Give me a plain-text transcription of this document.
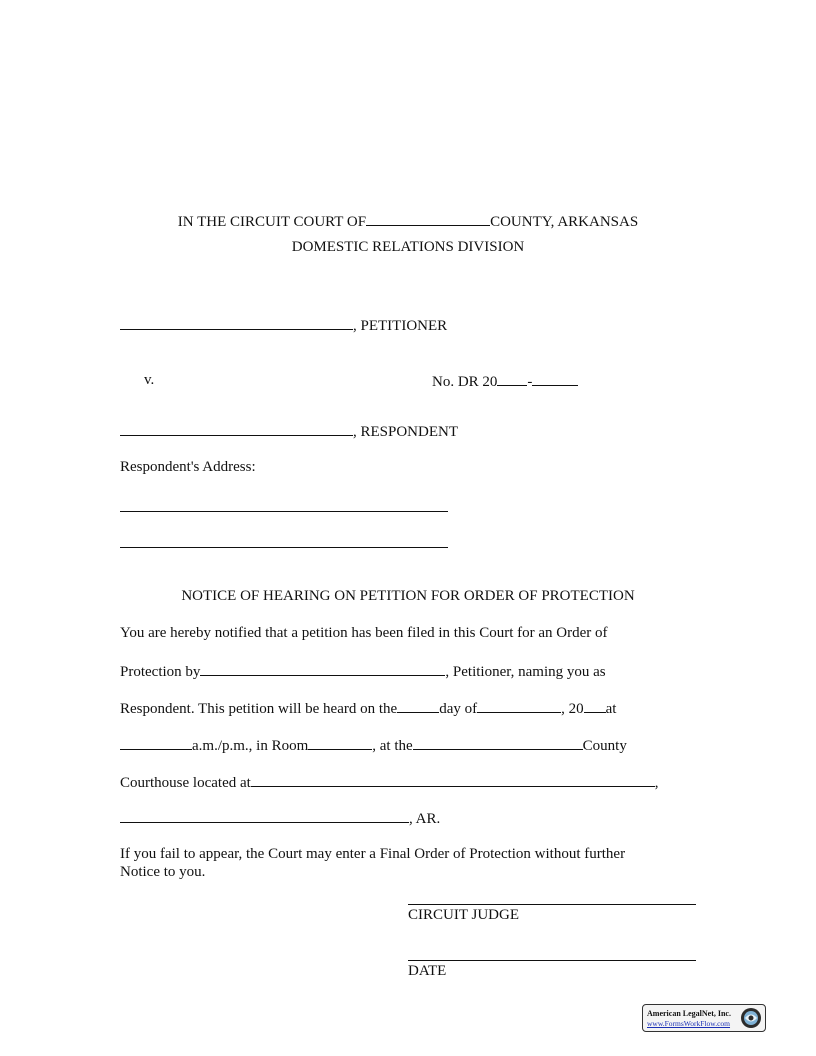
IN THE CIRCUIT COURT OF	COUNTY, ARKANSAS
DOMESTIC RELATIONS DIVISION
, PETITIONER
v.	No. DR 20 -
, RESPONDENT
Respondent's Address:
NOTICE OF HEARING ON PETITION FOR ORDER OF PROTECTION
You are hereby notified that a petition has been filed in this Court for an Order of
Protection by	, Petitioner, naming you as
Respondent. This petition will be heard on the	day of	, 20 at
a.m./p.m., in Room	, at the	County
Courthouse located at	,
, AR.
If you fail to appear, the Court may enter a Final Order of Protection without further
Notice to you.
CIRCUIT JUDGE
DATE
American LegalNet, Inc.
www.FormsWorkFlow.com
